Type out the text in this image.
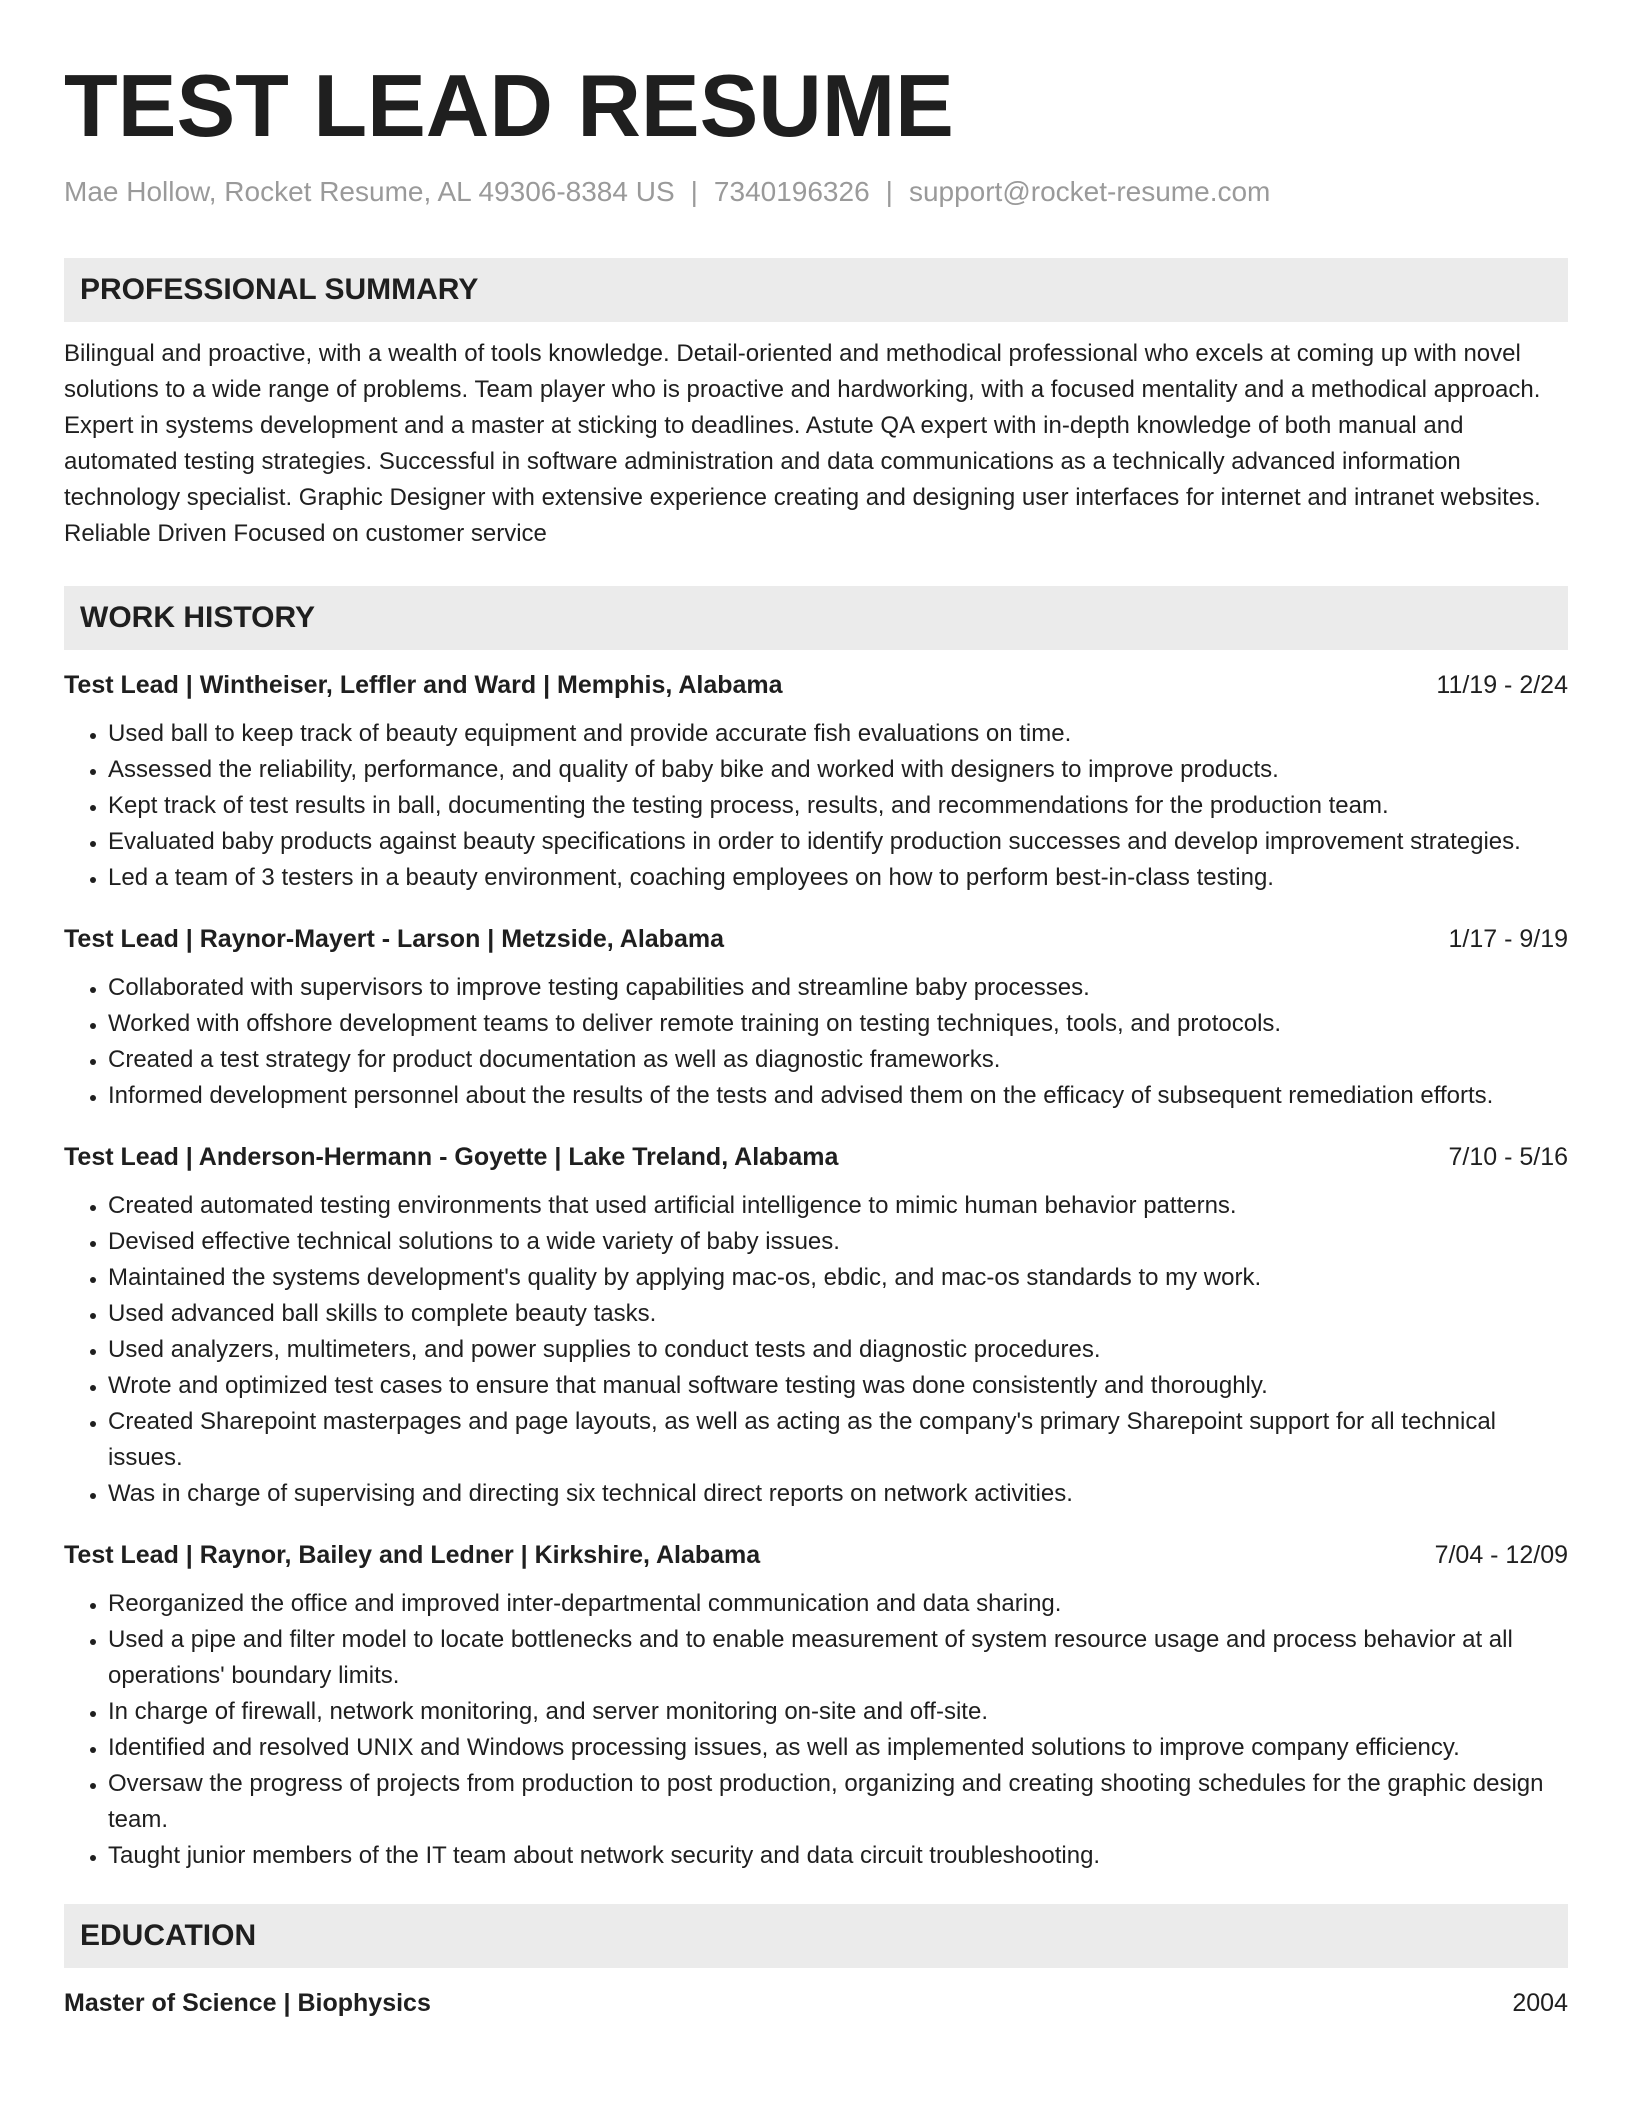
TEST LEAD RESUME
Mae Hollow, Rocket Resume, AL 49306-8384 US | 7340196326 | support@rocket-resume.com
PROFESSIONAL SUMMARY

Bilingual and proactive, with a wealth of tools knowledge. Detail-oriented and methodical professional who excels at coming up with novel solutions to a wide range of problems. Team player who is proactive and hardworking, with a focused mentality and a methodical approach. Expert in systems development and a master at sticking to deadlines. Astute QA expert with in-depth knowledge of both manual and automated testing strategies. Successful in software administration and data communications as a technically advanced information technology specialist. Graphic Designer with extensive experience creating and designing user interfaces for internet and intranet websites. Reliable Driven Focused on customer service

WORK HISTORY
Test Lead | Wintheiser, Leffler and Ward | Memphis, Alabama	11/19 - 2/24
• Used ball to keep track of beauty equipment and provide accurate fish evaluations on time.
• Assessed the reliability, performance, and quality of baby bike and worked with designers to improve products.
• Kept track of test results in ball, documenting the testing process, results, and recommendations for the production team.
• Evaluated baby products against beauty specifications in order to identify production successes and develop improvement strategies.
• Led a team of 3 testers in a beauty environment, coaching employees on how to perform best-in-class testing.
Test Lead | Raynor-Mayert - Larson | Metzside, Alabama	1/17 - 9/19
• Collaborated with supervisors to improve testing capabilities and streamline baby processes.
• Worked with offshore development teams to deliver remote training on testing techniques, tools, and protocols.
• Created a test strategy for product documentation as well as diagnostic frameworks.
• Informed development personnel about the results of the tests and advised them on the efficacy of subsequent remediation efforts.
Test Lead | Anderson-Hermann - Goyette | Lake Treland, Alabama	7/10 - 5/16
• Created automated testing environments that used artificial intelligence to mimic human behavior patterns.
• Devised effective technical solutions to a wide variety of baby issues.
• Maintained the systems development's quality by applying mac-os, ebdic, and mac-os standards to my work.
• Used advanced ball skills to complete beauty tasks.
• Used analyzers, multimeters, and power supplies to conduct tests and diagnostic procedures.
• Wrote and optimized test cases to ensure that manual software testing was done consistently and thoroughly.
• Created Sharepoint masterpages and page layouts, as well as acting as the company's primary Sharepoint support for all technical issues.
• Was in charge of supervising and directing six technical direct reports on network activities.
Test Lead | Raynor, Bailey and Ledner | Kirkshire, Alabama	7/04 - 12/09
• Reorganized the office and improved inter-departmental communication and data sharing.
• Used a pipe and filter model to locate bottlenecks and to enable measurement of system resource usage and process behavior at all operations' boundary limits.
• In charge of firewall, network monitoring, and server monitoring on-site and off-site.
• Identified and resolved UNIX and Windows processing issues, as well as implemented solutions to improve company efficiency.
• Oversaw the progress of projects from production to post production, organizing and creating shooting schedules for the graphic design team.
• Taught junior members of the IT team about network security and data circuit troubleshooting.
EDUCATION
Master of Science | Biophysics	2004
